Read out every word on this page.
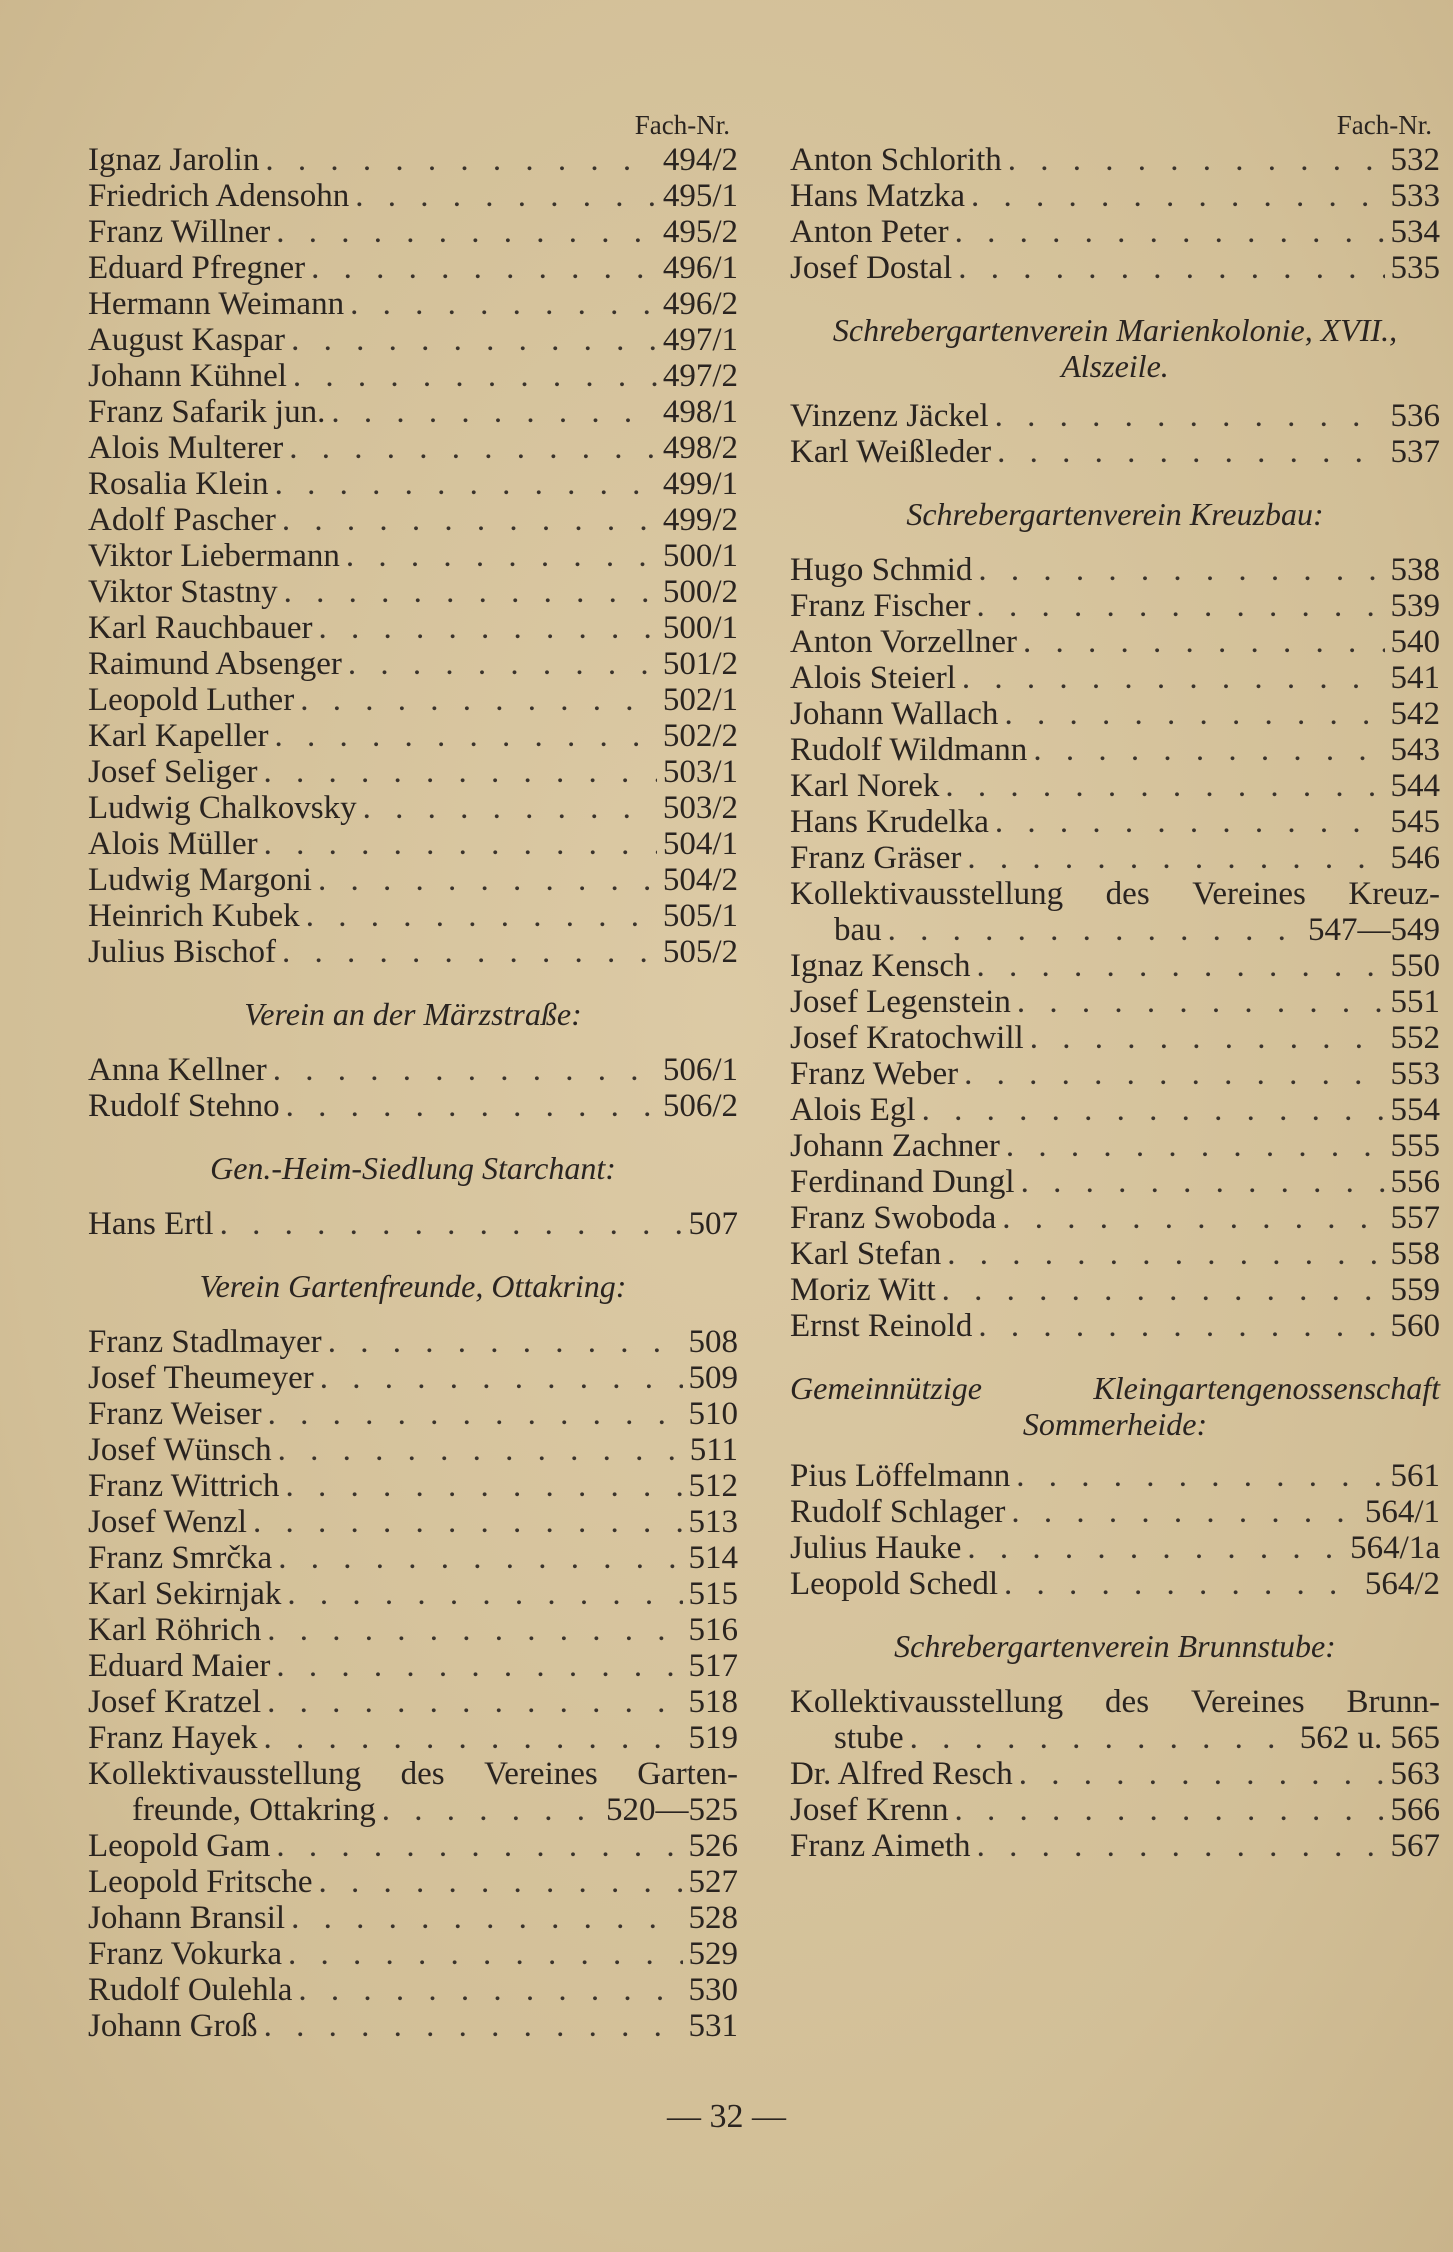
Fach-Nr.
Ignaz Jarolin . . .	494/2
Friedrich Adensohn . . .	495/1
Franz Willner . . .	495/2
Eduard Pfregner . . .	496/1
Hermann Weimann . . .	496/2
August Kaspar . . .	497/1
Johann Kühnel . . .	497/2
Franz Safarik jun. . . .	498/1
Alois Multerer . . .	498/2
Rosalia Klein . . .	499/1
Adolf Pascher . . .	499/2
Viktor Liebermann . . .	500/1
Viktor Stastny . . .	500/2
Karl Rauchbauer . . .	500/1
Raimund Absenger . . .	501/2
Leopold Luther . . .	502/1
Karl Kapeller . . .	502/2
Josef Seliger . . .	503/1
Ludwig Chalkovsky . . .	503/2
Alois Müller . . .	504/1
Ludwig Margoni . . .	504/2
Heinrich Kubek . . .	505/1
Julius Bischof . . .	505/2
Verein an der Märzstraße:
Anna Kellner . . .	506/1
Rudolf Stehno . . .	506/2
Gen.-Heim-Siedlung Starchant:
Hans Ertl . . .	507
Verein Gartenfreunde, Ottakring:
Franz Stadlmayer . . .	508
Josef Theumeyer . . .	509
Franz Weiser . . .	510
Josef Wünsch . . .	511
Franz Wittrich . . .	512
Josef Wenzl . . .	513
Franz Smrčka . . .	514
Karl Sekirnjak . . .	515
Karl Röhrich . . .	516
Eduard Maier . . .	517
Josef Kratzel . . .	518
Franz Hayek . . .	519
Kollektivausstellung des Vereines Garten-
freunde, Ottakring . . .	520—525
Leopold Gam . . .	526
Leopold Fritsche . . .	527
Johann Bransil . . .	528
Franz Vokurka . . .	529
Rudolf Oulehla . . .	530
Johann Groß . . .	531
Fach-Nr.
Anton Schlorith . . .	532
Hans Matzka . . .	533
Anton Peter . . .	534
Josef Dostal . . .	535
Schrebergartenverein Marienkolonie, XVII.,
Alszeile.
Vinzenz Jäckel . . .	536
Karl Weißleder . . .	537
Schrebergartenverein Kreuzbau:
Hugo Schmid . . .	538
Franz Fischer . . .	539
Anton Vorzellner . . .	540
Alois Steierl . . .	541
Johann Wallach . . .	542
Rudolf Wildmann . . .	543
Karl Norek . . .	544
Hans Krudelka . . .	545
Franz Gräser . . .	546
Kollektivausstellung des Vereines Kreuz-
bau . . .	547—549
Ignaz Kensch . . .	550
Josef Legenstein . . .	551
Josef Kratochwill . . .	552
Franz Weber . . .	553
Alois Egl . . .	554
Johann Zachner . . .	555
Ferdinand Dungl . . .	556
Franz Swoboda . . .	557
Karl Stefan . . .	558
Moriz Witt . . .	559
Ernst Reinold . . .	560
Gemeinnützige	Kleingartengenossenschaft
Sommerheide:
Pius Löffelmann . . .	561
Rudolf Schlager . . .	564/1
Julius Hauke . . .	564/1a
Leopold Schedl . . .	564/2
Schrebergartenverein Brunnstube:
Kollektivausstellung des Vereines Brunn-
stube . . .	562 u. 565
Dr. Alfred Resch . . .	563
Josef Krenn . . .	566
Franz Aimeth . . .	567
— 32 —
